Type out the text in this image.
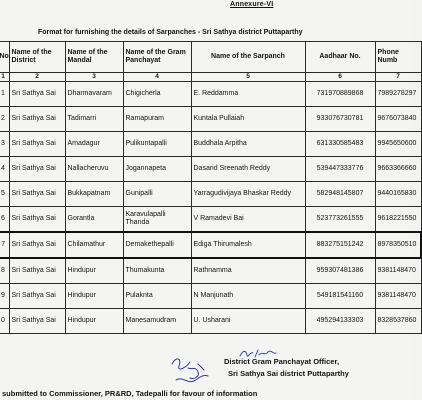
Annexure-VI
Format for furnishing the details of Sarpanches - Sri Sathya district Puttaparthy
No.	Name of the District	Name of the Mandal	Name of the Gram Panchayat	Name of the Sarpanch	Aadhaar No.	Phone Numb
1	2	3	4	5	6	7
1	Sri Sathya Sai	Dharmavaram	Chigicherla	E. Reddamma	731970889868	7989278297
2	Sri Sathya Sai	Tadimarri	Ramapuram	Kuntala Pullaiah	933076730781	9676073840
3	Sri Sathya Sai	Amadagur	Pulikuntapalli	Buddhala Arpitha	631330585483	9945650600
4	Sri Sathya Sai	Nallacheruvu	Jogannapeta	Dasarid Sreenath Reddy	539447333776	9663366660
5	Sri Sathya Sai	Bukkapatnam	Gunipalli	Yarragudivijaya Bhaskar Reddy	582948145807	9440165830
6	Sri Sathya Sai	Gorantla	Karavulapalli Thanda	V Ramadevi Bai	523773261555	9618221550
7	Sri Sathya Sai	Chilamathur	Demakethepalli	Ediga Thirumalesh	883275151242	8978350510
8	Sri Sathya Sai	Hindupur	Thumakunta	Rathnamma	959307481386	9381148470
9	Sri Sathya Sai	Hindupur	Pulaknta	N Manjunath	549181541160	9381148470
0	Sri Sathya Sai	Hindupur	Manesamudram	U. Usharani	495294133303	8328537860
District Gram Panchayat Officer,
Sri Sathya Sai district Puttaparthy
submitted to Commissioner, PR&RD, Tadepalli for favour of information
